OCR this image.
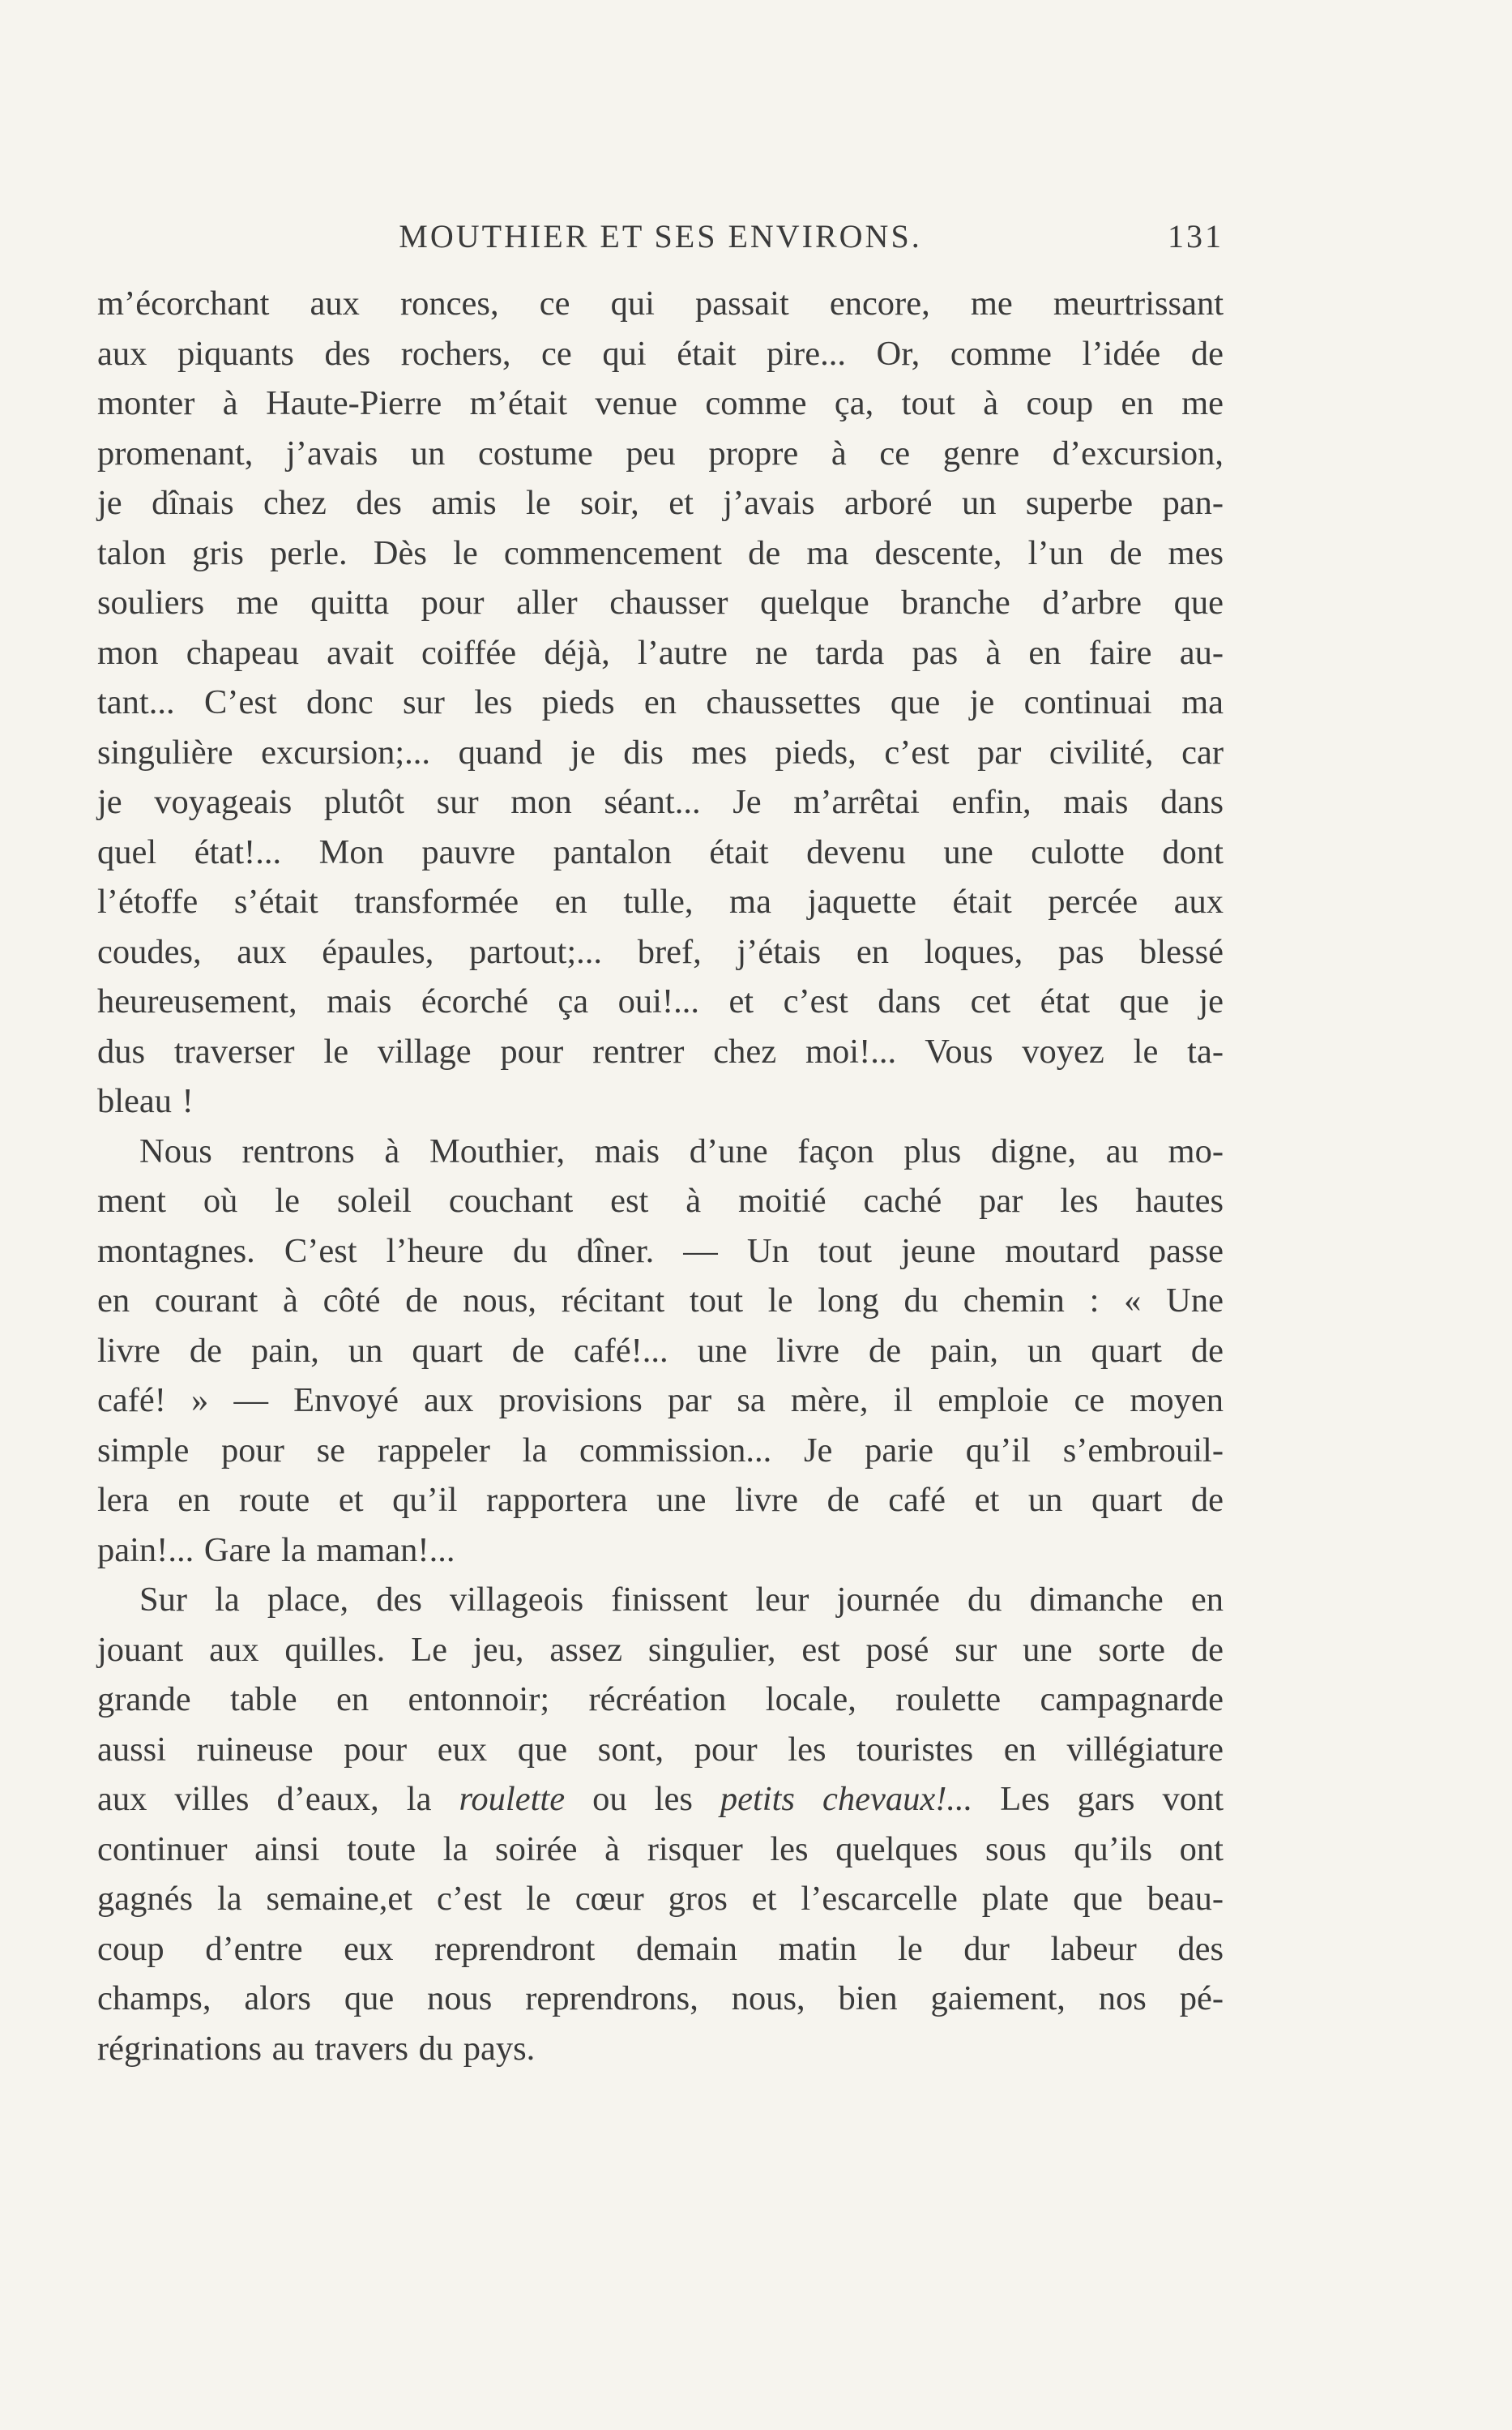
MOUTHIER ET SES ENVIRONS.	131
m’écorchant aux ronces, ce qui passait encore, me meurtrissant
aux piquants des rochers, ce qui était pire... Or, comme l’idée de
monter à Haute-Pierre m’était venue comme ça, tout à coup en me
promenant, j’avais un costume peu propre à ce genre d’excursion,
je dînais chez des amis le soir, et j’avais arboré un superbe pan-
talon gris perle. Dès le commencement de ma descente, l’un de mes
souliers me quitta pour aller chausser quelque branche d’arbre que
mon chapeau avait coiffée déjà, l’autre ne tarda pas à en faire au-
tant... C’est donc sur les pieds en chaussettes que je continuai ma
singulière excursion;... quand je dis mes pieds, c’est par civilité, car
je voyageais plutôt sur mon séant... Je m’arrêtai enfin, mais dans
quel état!... Mon pauvre pantalon était devenu une culotte dont
l’étoffe s’était transformée en tulle, ma jaquette était percée aux
coudes, aux épaules, partout;... bref, j’étais en loques, pas blessé
heureusement, mais écorché ça oui!... et c’est dans cet état que je
dus traverser le village pour rentrer chez moi!... Vous voyez le ta-
bleau !
Nous rentrons à Mouthier, mais d’une façon plus digne, au mo-
ment où le soleil couchant est à moitié caché par les hautes
montagnes. C’est l’heure du dîner. — Un tout jeune moutard passe
en courant à côté de nous, récitant tout le long du chemin : « Une
livre de pain, un quart de café!... une livre de pain, un quart de
café! » — Envoyé aux provisions par sa mère, il emploie ce moyen
simple pour se rappeler la commission... Je parie qu’il s’embrouil-
lera en route et qu’il rapportera une livre de café et un quart de
pain!... Gare la maman!...
Sur la place, des villageois finissent leur journée du dimanche en
jouant aux quilles. Le jeu, assez singulier, est posé sur une sorte de
grande table en entonnoir; récréation locale, roulette campagnarde
aussi ruineuse pour eux que sont, pour les touristes en villégiature
aux villes d’eaux, la roulette ou les petits chevaux!... Les gars vont
continuer ainsi toute la soirée à risquer les quelques sous qu’ils ont
gagnés la semaine,et c’est le cœur gros et l’escarcelle plate que beau-
coup d’entre eux reprendront demain matin le dur labeur des
champs, alors que nous reprendrons, nous, bien gaiement, nos pé-
régrinations au travers du pays.
